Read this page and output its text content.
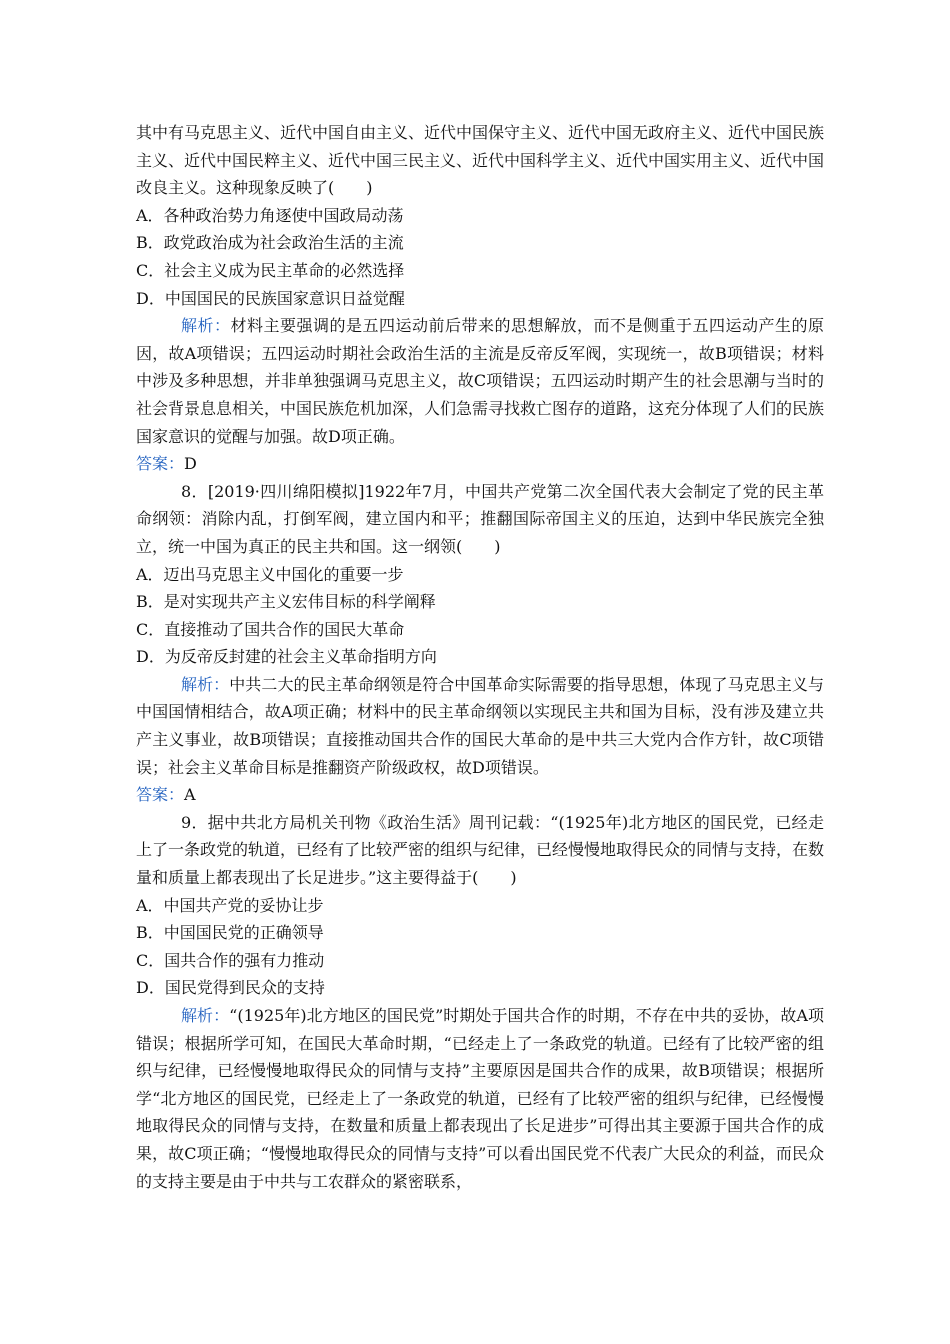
其中有马克思主义、近代中国自由主义、近代中国保守主义、近代中国无政府主义、近代中国民族主义、近代中国民粹主义、近代中国三民主义、近代中国科学主义、近代中国实用主义、近代中国改良主义。这种现象反映了(　　)

A．各种政治势力角逐使中国政局动荡

B．政党政治成为社会政治生活的主流

C．社会主义成为民主革命的必然选择

D．中国国民的民族国家意识日益觉醒

解析：材料主要强调的是五四运动前后带来的思想解放，而不是侧重于五四运动产生的原因，故A项错误；五四运动时期社会政治生活的主流是反帝反军阀，实现统一，故B项错误；材料中涉及多种思想，并非单独强调马克思主义，故C项错误；五四运动时期产生的社会思潮与当时的社会背景息息相关，中国民族危机加深，人们急需寻找救亡图存的道路，这充分体现了人们的民族国家意识的觉醒与加强。故D项正确。

答案：D

8．[2019·四川绵阳模拟]1922年7月，中国共产党第二次全国代表大会制定了党的民主革命纲领：消除内乱，打倒军阀，建立国内和平；推翻国际帝国主义的压迫，达到中华民族完全独立，统一中国为真正的民主共和国。这一纲领(　　)

A．迈出马克思主义中国化的重要一步

B．是对实现共产主义宏伟目标的科学阐释

C．直接推动了国共合作的国民大革命

D．为反帝反封建的社会主义革命指明方向

解析：中共二大的民主革命纲领是符合中国革命实际需要的指导思想，体现了马克思主义与中国国情相结合，故A项正确；材料中的民主革命纲领以实现民主共和国为目标，没有涉及建立共产主义事业，故B项错误；直接推动国共合作的国民大革命的是中共三大党内合作方针，故C项错误；社会主义革命目标是推翻资产阶级政权，故D项错误。

答案：A

9．据中共北方局机关刊物《政治生活》周刊记载：“(1925年)北方地区的国民党，已经走上了一条政党的轨道，已经有了比较严密的组织与纪律，已经慢慢地取得民众的同情与支持，在数量和质量上都表现出了长足进步。”这主要得益于(　　)

A．中国共产党的妥协让步

B．中国国民党的正确领导

C．国共合作的强有力推动

D．国民党得到民众的支持

解析：“(1925年)北方地区的国民党”时期处于国共合作的时期，不存在中共的妥协，故A项错误；根据所学可知，在国民大革命时期，“已经走上了一条政党的轨道。已经有了比较严密的组织与纪律，已经慢慢地取得民众的同情与支持”主要原因是国共合作的成果，故B项错误；根据所学“北方地区的国民党，已经走上了一条政党的轨道，已经有了比较严密的组织与纪律，已经慢慢地取得民众的同情与支持，在数量和质量上都表现出了长足进步”可得出其主要源于国共合作的成果，故C项正确；“慢慢地取得民众的同情与支持”可以看出国民党不代表广大民众的利益，而民众的支持主要是由于中共与工农群众的紧密联系，
